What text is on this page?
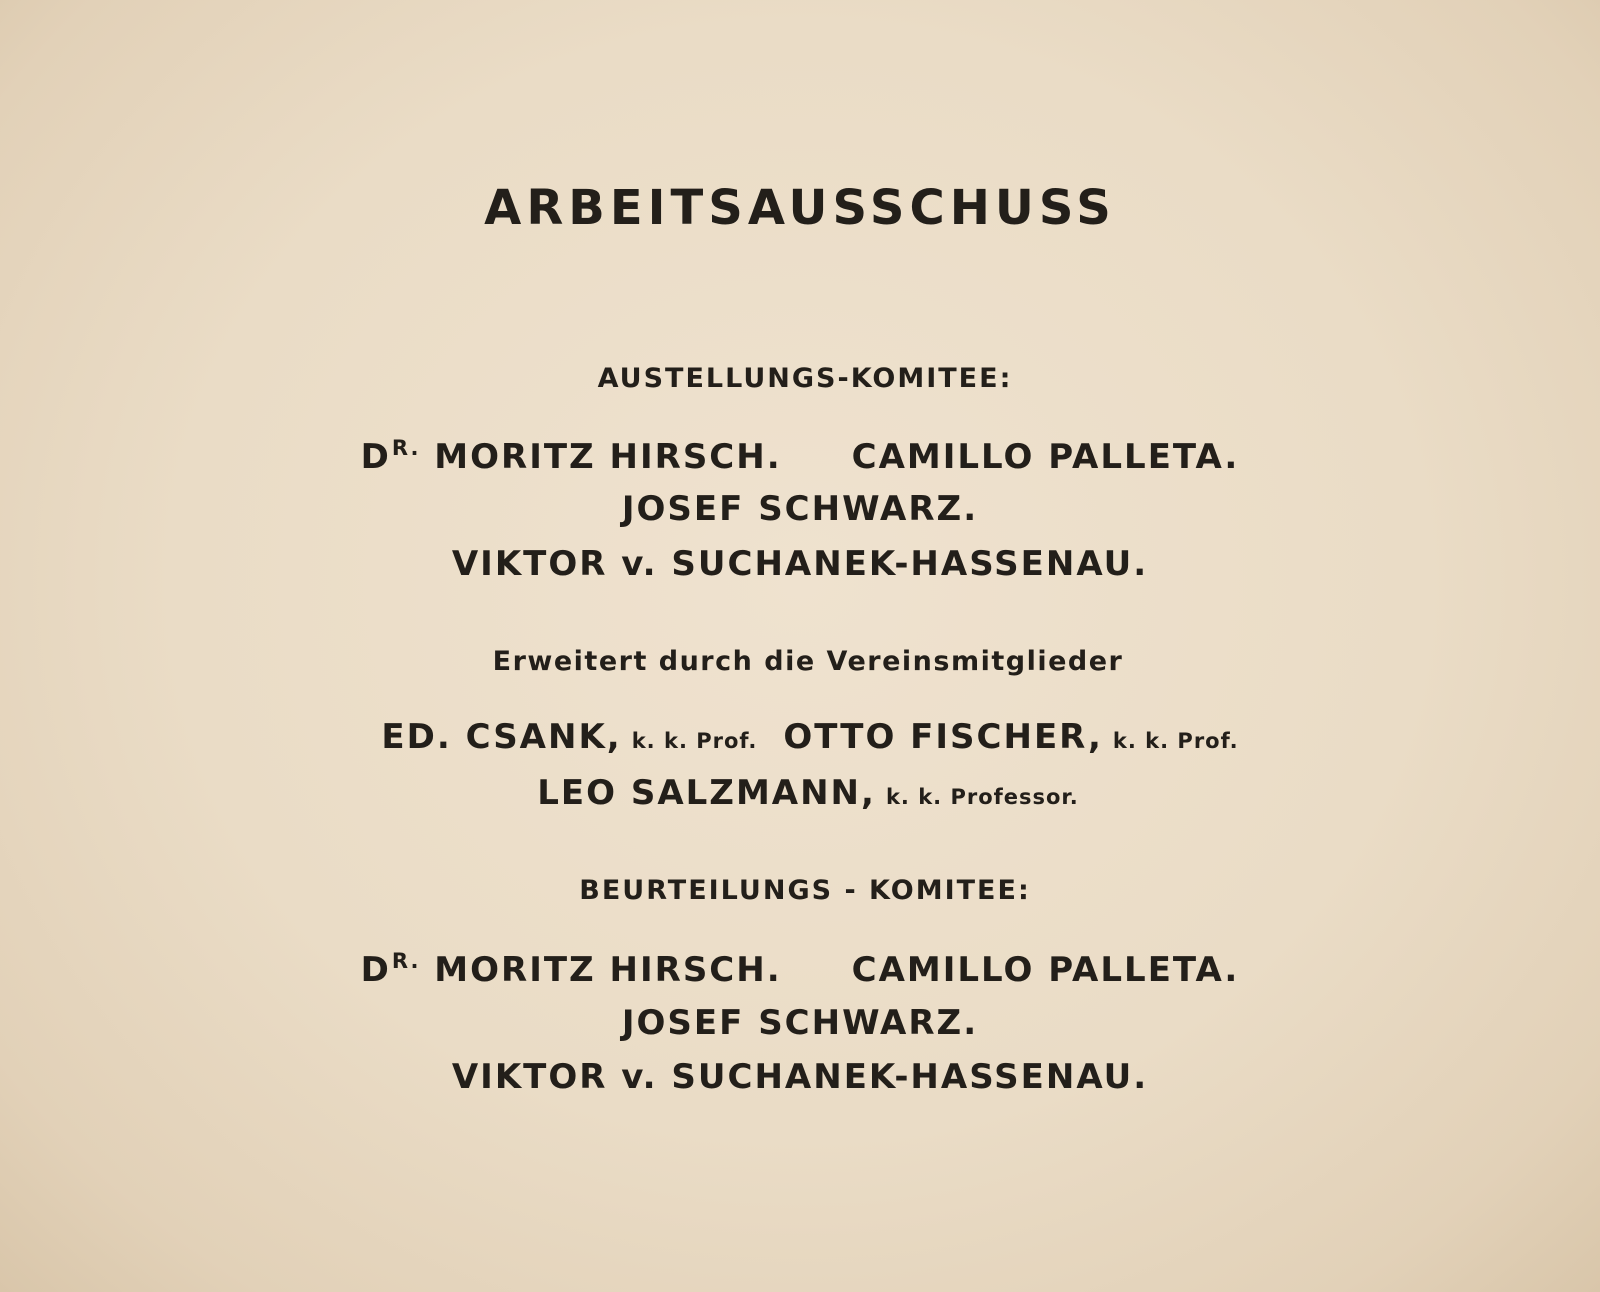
ARBEITSAUSSCHUSS
AUSTELLUNGS-KOMITEE:
$D^{R.}$ MORITZ HIRSCH. CAMILLO PALLETA.
JOSEF SCHWARZ.
VIKTOR v. SUCHANEK-HASSENAU.
Erweitert durch die Vereinsmitglieder
ED. CSANK, k. k. Prof. OTTO FISCHER, k. k. Prof.
LEO SALZMANN, k. k. Professor.
BEURTEILUNGS - KOMITEE:
$D^{R.}$ MORITZ HIRSCH. CAMILLO PALLETA.
JOSEF SCHWARZ.
VIKTOR v. SUCHANEK-HASSENAU.
